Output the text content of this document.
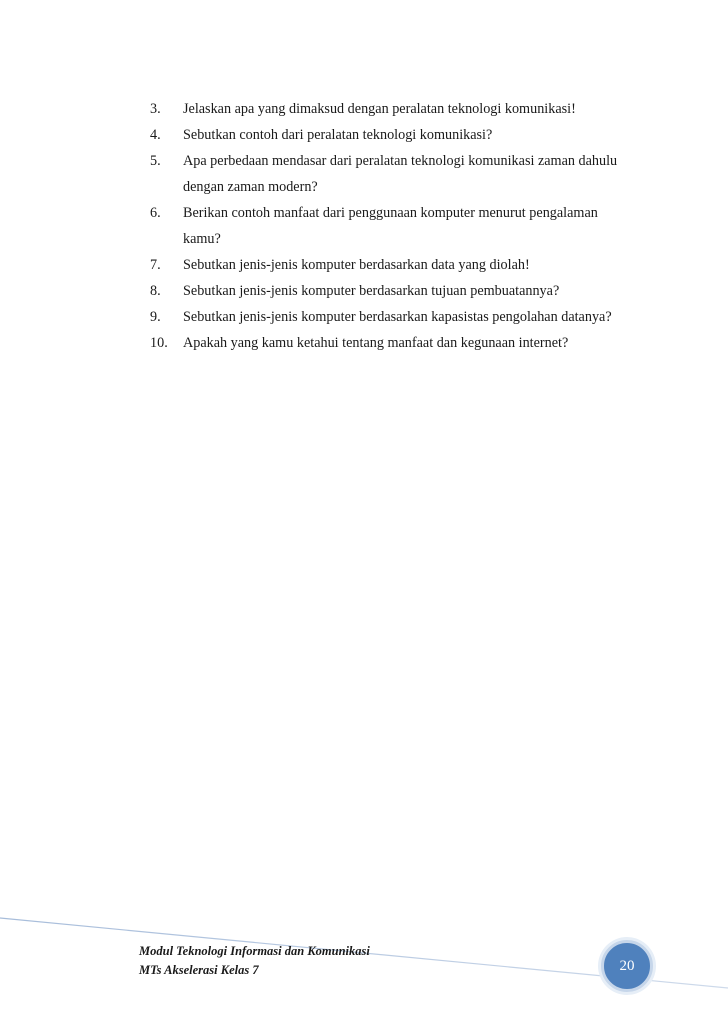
3.	Jelaskan apa yang dimaksud dengan peralatan teknologi komunikasi!
4.	Sebutkan contoh dari peralatan teknologi komunikasi?
5.	Apa perbedaan mendasar dari peralatan teknologi komunikasi zaman dahulu dengan zaman modern?
6.	Berikan contoh manfaat dari penggunaan komputer menurut pengalaman kamu?
7.	Sebutkan jenis-jenis komputer berdasarkan data yang diolah!
8.	Sebutkan jenis-jenis komputer berdasarkan tujuan pembuatannya?
9.	Sebutkan jenis-jenis komputer berdasarkan kapasistas pengolahan datanya?
10.	Apakah yang kamu ketahui tentang manfaat dan kegunaan internet?
Modul Teknologi Informasi dan Komunikasi
MTs Akselerasi Kelas 7	20
